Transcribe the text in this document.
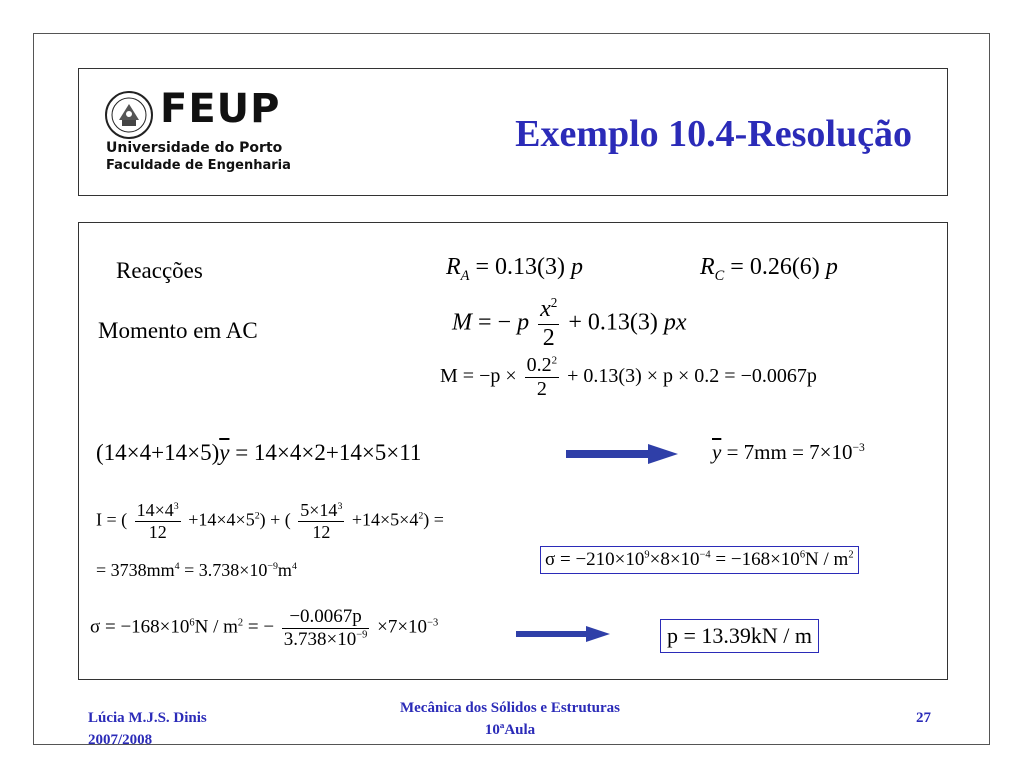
FEUP
Universidade do Porto
Faculdade de Engenharia
Exemplo 10.4-Resolução
Reacções
Momento em AC
$R_A = 0.13(3)$ p	$R_C = 0.26(6)$ p
M = − p $\frac{x^2}{2} + 0.13(3)$ px
$M = -p \times \frac{0.2^2}{2} + 0.13(3) \times p \times 0.2 = -0.0067p$
$(14\times 4+14\times 5)\overline{y} = 14\times 4\times 2+14\times 5\times 11$	$\overline{y} = 7mm = 7\times 10^{-3}$
I = ( $\frac{14\times 4^3}{12} +14\times 4\times 5^2$) + ( $\frac{5\times 14^3}{12} +14\times 5\times 4^2$) =
= $3738mm^4 = 3.738\times 10^{-9}m^4$	$\sigma = -210\times 10^9\times 8\times 10^{-4} = -168\times 10^6N / m^2$
$\sigma = -168\times 10^6N / m^2$ = − $\frac{-0.0067p}{3.738\times 10^{-9}} \times 7\times 10^{-3}$
p = 13.39kN / m
Lúcia M.J.S. Dinis
2007/2008
Mecânica dos Sólidos e Estruturas
10ªAula
27
